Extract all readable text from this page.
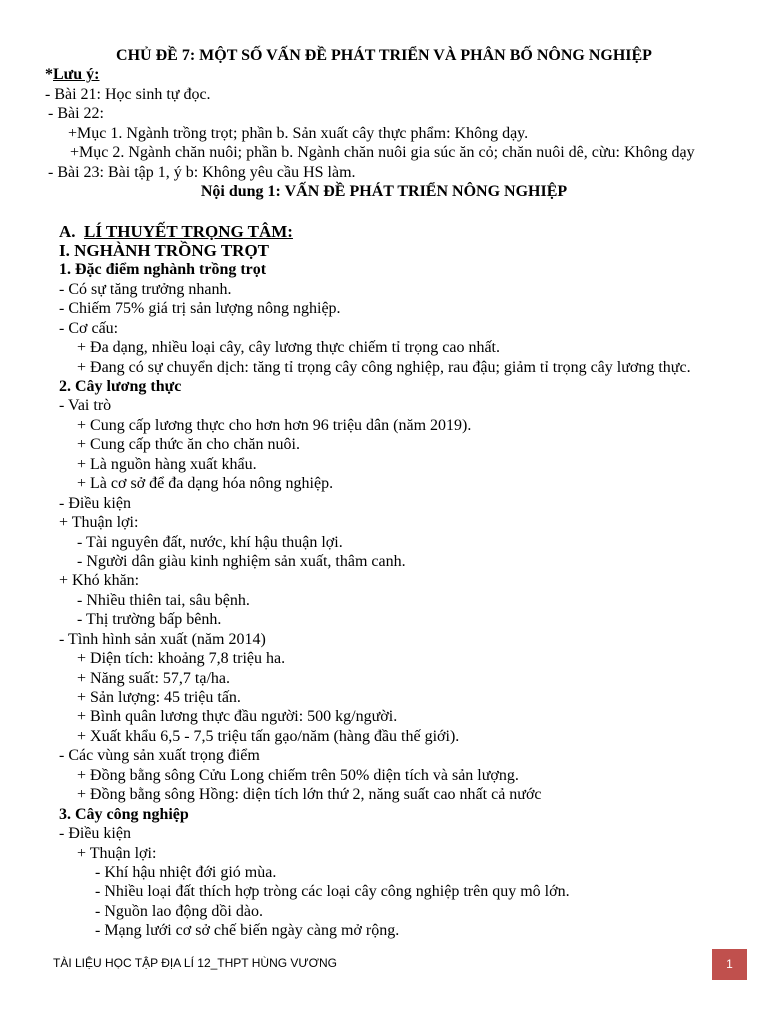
CHỦ ĐỀ 7: MỘT SỐ VẤN ĐỀ PHÁT TRIỂN VÀ PHÂN BỐ NÔNG NGHIỆP
*Lưu ý:
- Bài 21: Học sinh tự đọc.
- Bài 22:
+Mục 1. Ngành trồng trọt; phần b. Sản xuất cây thực phẩm: Không dạy.
+Mục 2. Ngành chăn nuôi; phần b. Ngành chăn nuôi gia súc ăn cỏ; chăn nuôi dê, cừu: Không dạy
- Bài 23: Bài tập 1, ý b: Không yêu cầu HS làm.
Nội dung 1: VẤN ĐỀ PHÁT TRIỂN NÔNG NGHIỆP
A. LÍ THUYẾT TRỌNG TÂM:
I. NGHÀNH TRỒNG TRỌT
1. Đặc điểm nghành trồng trọt
- Có sự tăng trưởng nhanh.
- Chiếm 75% giá trị sản lượng nông nghiệp.
- Cơ cấu:
+ Đa dạng, nhiều loại cây, cây lương thực chiếm tỉ trọng cao nhất.
+ Đang có sự chuyển dịch: tăng tỉ trọng cây công nghiệp, rau đậu; giảm tỉ trọng cây lương thực.
2. Cây lương thực
- Vai trò
+ Cung cấp lương thực cho hơn hơn 96 triệu dân (năm 2019).
+ Cung cấp thức ăn cho chăn nuôi.
+ Là nguồn hàng xuất khẩu.
+ Là cơ sở để đa dạng hóa nông nghiệp.
- Điều kiện
+ Thuận lợi:
- Tài nguyên đất, nước, khí hậu thuận lợi.
- Người dân giàu kinh nghiệm sản xuất, thâm canh.
+ Khó khăn:
- Nhiều thiên tai, sâu bệnh.
- Thị trường bấp bênh.
- Tình hình sản xuất (năm 2014)
+ Diện tích: khoảng 7,8 triệu ha.
+ Năng suất: 57,7 tạ/ha.
+ Sản lượng: 45 triệu tấn.
+ Bình quân lương thực đầu người: 500 kg/người.
+ Xuất khẩu 6,5 - 7,5 triệu tấn gạo/năm (hàng đầu thế giới).
- Các vùng sản xuất trọng điểm
+ Đồng bằng sông Cửu Long chiếm trên 50% diện tích và sản lượng.
+ Đồng bằng sông Hồng: diện tích lớn thứ 2, năng suất cao nhất cả nước
3. Cây công nghiệp
- Điều kiện
+ Thuận lợi:
- Khí hậu nhiệt đới gió mùa.
- Nhiều loại đất thích hợp tròng các loại cây công nghiệp trên quy mô lớn.
- Nguồn lao động dồi dào.
- Mạng lưới cơ sở chế biến ngày càng mở rộng.
TÀI LIỆU HỌC TẬP ĐỊA LÍ 12_THPT HÙNG VƯƠNG	1
